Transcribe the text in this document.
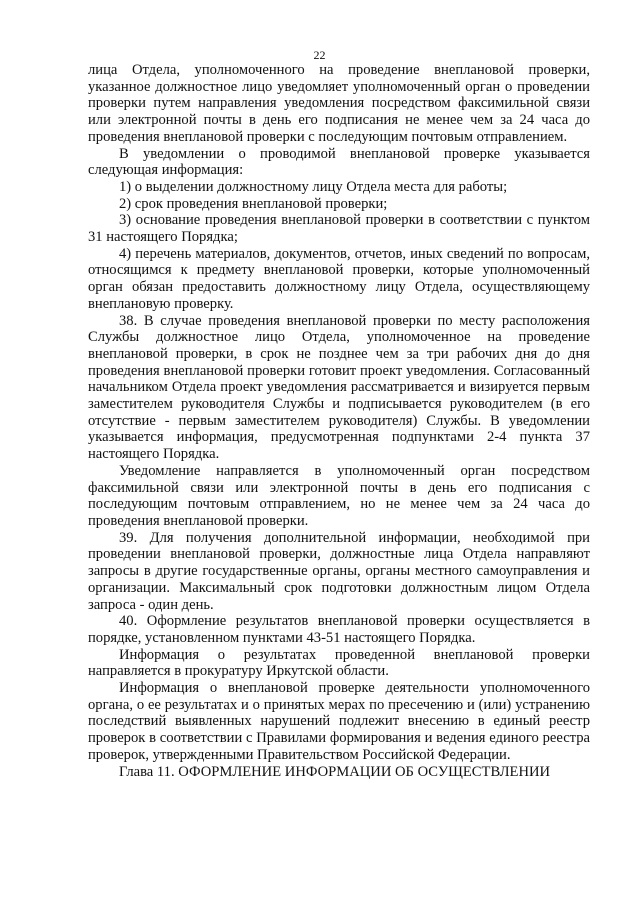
22

лица Отдела, уполномоченного на проведение внеплановой проверки, указанное должностное лицо уведомляет уполномоченный орган о проведении проверки путем направления уведомления посредством факсимильной связи или электронной почты в день его подписания не менее чем за 24 часа до проведения внеплановой проверки с последующим почтовым отправлением.

В уведомлении о проводимой внеплановой проверке указывается следующая информация:

1) о выделении должностному лицу Отдела места для работы;

2) срок проведения внеплановой проверки;

3) основание проведения внеплановой проверки в соответствии с пунктом 31 настоящего Порядка;

4) перечень материалов, документов, отчетов, иных сведений по вопросам, относящимся к предмету внеплановой проверки, которые уполномоченный орган обязан предоставить должностному лицу Отдела, осуществляющему внеплановую проверку.

38. В случае проведения внеплановой проверки по месту расположения Службы должностное лицо Отдела, уполномоченное на проведение внеплановой проверки, в срок не позднее чем за три рабочих дня до дня проведения внеплановой проверки готовит проект уведомления. Согласованный начальником Отдела проект уведомления рассматривается и визируется первым заместителем руководителя Службы и подписывается руководителем (в его отсутствие - первым заместителем руководителя) Службы. В уведомлении указывается информация, предусмотренная подпунктами 2-4 пункта 37 настоящего Порядка.

Уведомление направляется в уполномоченный орган посредством факсимильной связи или электронной почты в день его подписания с последующим почтовым отправлением, но не менее чем за 24 часа до проведения внеплановой проверки.

39. Для получения дополнительной информации, необходимой при проведении внеплановой проверки, должностные лица Отдела направляют запросы в другие государственные органы, органы местного самоуправления и организации. Максимальный срок подготовки должностным лицом Отдела запроса - один день.

40. Оформление результатов внеплановой проверки осуществляется в порядке, установленном пунктами 43-51 настоящего Порядка.

Информация о результатах проведенной внеплановой проверки направляется в прокуратуру Иркутской области.

Информация о внеплановой проверке деятельности уполномоченного органа, о ее результатах и о принятых мерах по пресечению и (или) устранению последствий выявленных нарушений подлежит внесению в единый реестр проверок в соответствии с Правилами формирования и ведения единого реестра проверок, утвержденными Правительством Российской Федерации.

Глава 11. ОФОРМЛЕНИЕ ИНФОРМАЦИИ ОБ ОСУЩЕСТВЛЕНИИ
